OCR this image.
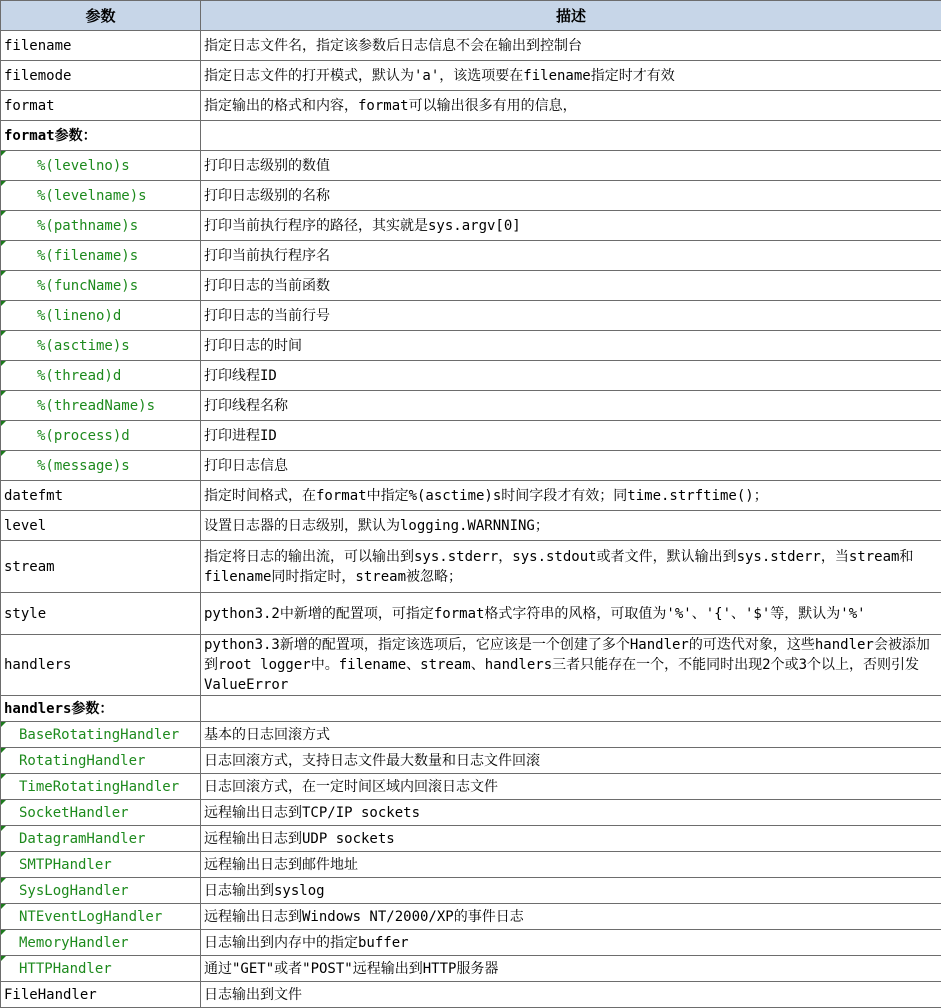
参数	描述
filename	指定日志文件名，指定该参数后日志信息不会在输出到控制台
filemode	指定日志文件的打开模式，默认为'a'，该选项要在filename指定时才有效
format	指定输出的格式和内容，format可以输出很多有用的信息，
format参数：	
%(levelno)s	打印日志级别的数值
%(levelname)s	打印日志级别的名称
%(pathname)s	打印当前执行程序的路径，其实就是sys.argv[0]
%(filename)s	打印当前执行程序名
%(funcName)s	打印日志的当前函数
%(lineno)d	打印日志的当前行号
%(asctime)s	打印日志的时间
%(thread)d	打印线程ID
%(threadName)s	打印线程名称
%(process)d	打印进程ID
%(message)s	打印日志信息
datefmt	指定时间格式，在format中指定%(asctime)s时间字段才有效；同time.strftime()；
level	设置日志器的日志级别，默认为logging.WARNNING；
stream	指定将日志的输出流，可以输出到sys.stderr，sys.stdout或者文件，默认输出到sys.stderr，当stream和filename同时指定时，stream被忽略；
style	python3.2中新增的配置项，可指定format格式字符串的风格，可取值为'%'、'{'、'$'等，默认为'%'
handlers	python3.3新增的配置项，指定该选项后，它应该是一个创建了多个Handler的可迭代对象，这些handler会被添加到root logger中。filename、stream、handlers三者只能存在一个，不能同时出现2个或3个以上，否则引发ValueError
handlers参数：	
BaseRotatingHandler	基本的日志回滚方式
RotatingHandler	日志回滚方式，支持日志文件最大数量和日志文件回滚
TimeRotatingHandler	日志回滚方式，在一定时间区域内回滚日志文件
SocketHandler	远程输出日志到TCP/IP sockets
DatagramHandler	远程输出日志到UDP sockets
SMTPHandler	远程输出日志到邮件地址
SysLogHandler	日志输出到syslog
NTEventLogHandler	远程输出日志到Windows NT/2000/XP的事件日志
MemoryHandler	日志输出到内存中的指定buffer
HTTPHandler	通过"GET"或者"POST"远程输出到HTTP服务器
FileHandler	日志输出到文件
